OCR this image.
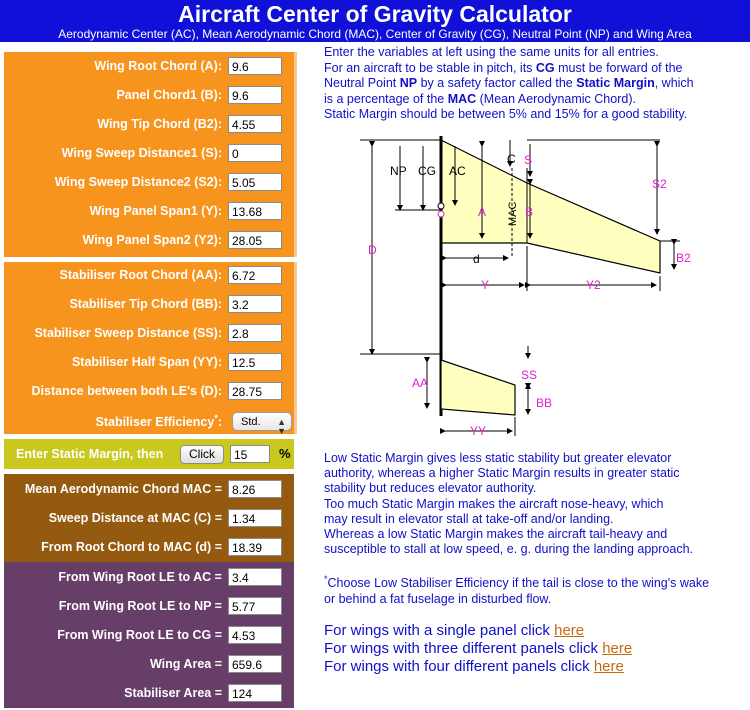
Aircraft Center of Gravity Calculator
Aerodynamic Center (AC), Mean Aerodynamic Chord (MAC), Center of Gravity (CG), Neutral Point (NP) and Wing Area
Wing Root Chord (A): 9.6
Panel Chord1 (B): 9.6
Wing Tip Chord (B2): 4.55
Wing Sweep Distance1 (S): 0
Wing Sweep Distance2 (S2): 5.05
Wing Panel Span1 (Y): 13.68
Wing Panel Span2 (Y2): 28.05
Stabiliser Root Chord (AA): 6.72
Stabiliser Tip Chord (BB): 3.2
Stabiliser Sweep Distance (SS): 2.8
Stabiliser Half Span (YY): 12.5
Distance between both LE's (D): 28.75
Stabiliser Efficiency*:	Std. ▲
▼
Enter Static Margin, then	Click	15	%
Mean Aerodynamic Chord MAC = 8.26
Sweep Distance at MAC (C) = 1.34
From Root Chord to MAC (d) = 18.39
From Wing Root LE to AC = 3.4
From Wing Root LE to NP = 5.77
From Wing Root LE to CG = 4.53
Wing Area = 659.6
Stabiliser Area = 124
Enter the variables at left using the same units for all entries.
For an aircraft to be stable in pitch, its CG must be forward of the
Neutral Point NP by a safety factor called the Static Margin, which
is a percentage of the MAC (Mean Aerodynamic Chord).
Static Margin should be between 5% and 15% for a good stability.
NP CG AC
C S
S2
A MAC B
B2
d
D
Y	Y2
AA
SS
BB
YY
Low Static Margin gives less static stability but greater elevator
authority, whereas a higher Static Margin results in greater static
stability but reduces elevator authority.
Too much Static Margin makes the aircraft nose-heavy, which
may result in elevator stall at take-off and/or landing.
Whereas a low Static Margin makes the aircraft tail-heavy and
susceptible to stall at low speed, e. g. during the landing approach.
*Choose Low Stabiliser Efficiency if the tail is close to the wing's wake
or behind a fat fuselage in disturbed flow.
For wings with a single panel click here
For wings with three different panels click here
For wings with four different panels click here
